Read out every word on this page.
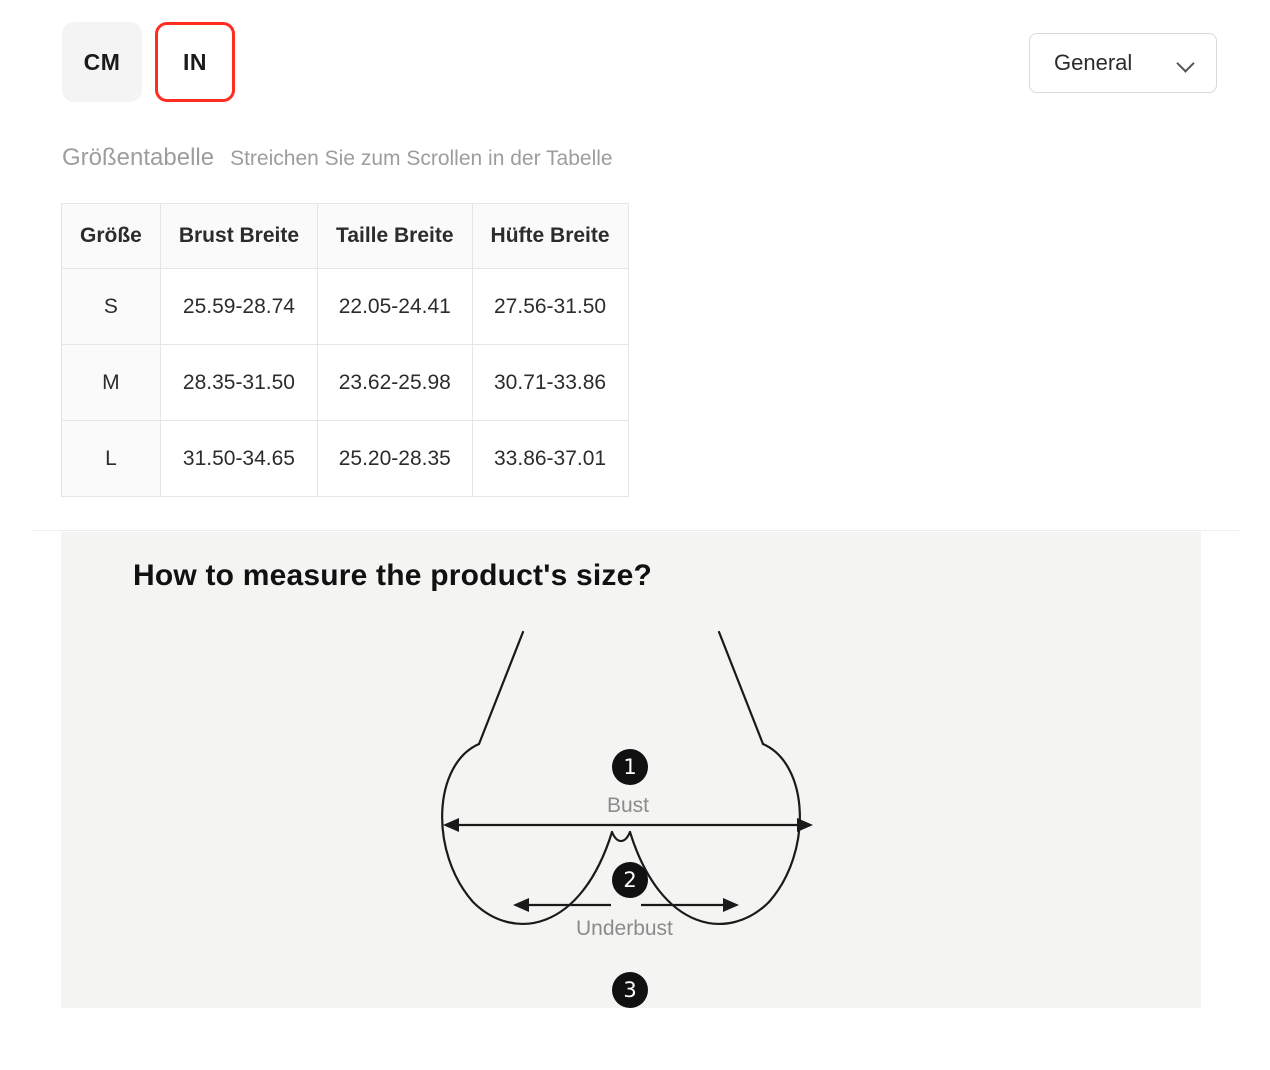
CM	IN	General
Größentabelle Streichen Sie zum Scrollen in der Tabelle
Größe	Brust Breite	Taille Breite	Hüfte Breite
S	25.59-28.74	22.05-24.41	27.56-31.50
M	28.35-31.50	23.62-25.98	30.71-33.86
L	31.50-34.65	25.20-28.35	33.86-37.01
How to measure the product's size?
1
Bust
2
Underbust
3
